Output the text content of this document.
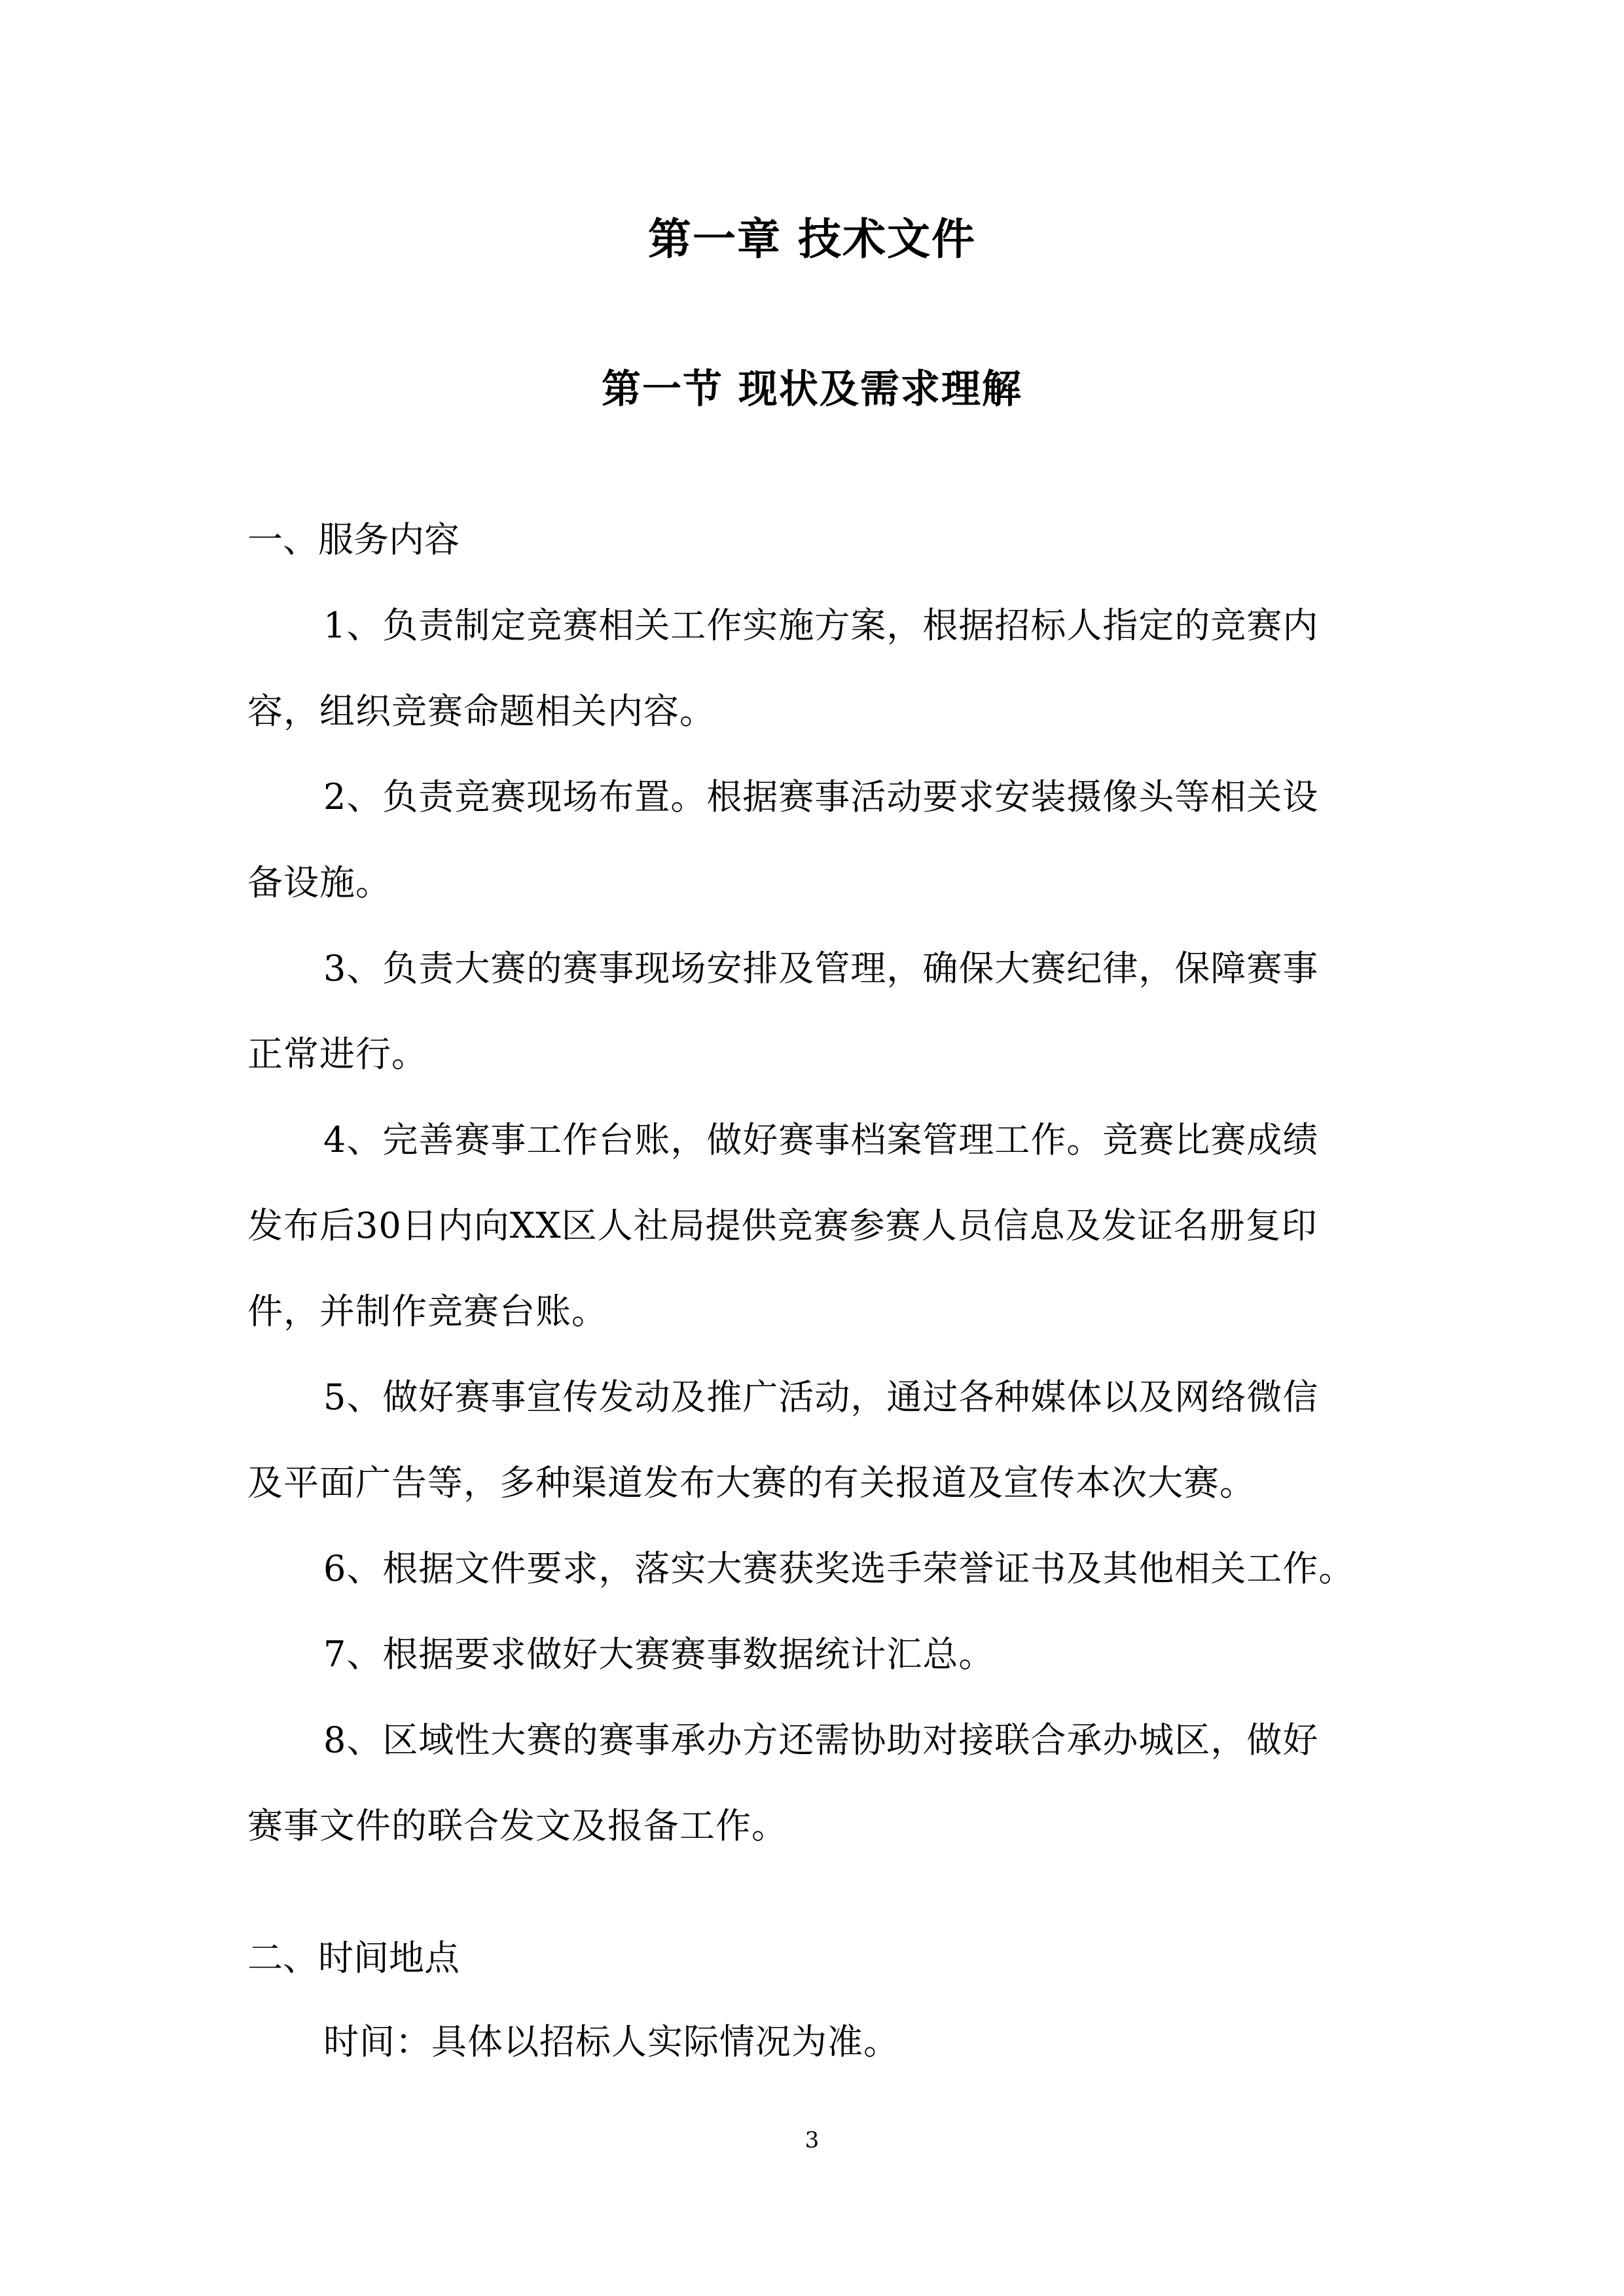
第一章 技术文件
第一节 现状及需求理解
一、服务内容
1、负责制定竞赛相关工作实施方案，根据招标人指定的竞赛内
容，组织竞赛命题相关内容。
2、负责竞赛现场布置。根据赛事活动要求安装摄像头等相关设
备设施。
3、负责大赛的赛事现场安排及管理，确保大赛纪律，保障赛事
正常进行。
4、完善赛事工作台账，做好赛事档案管理工作。竞赛比赛成绩
发布后30日内向XX区人社局提供竞赛参赛人员信息及发证名册复印
件，并制作竞赛台账。
5、做好赛事宣传发动及推广活动，通过各种媒体以及网络微信
及平面广告等，多种渠道发布大赛的有关报道及宣传本次大赛。
6、根据文件要求，落实大赛获奖选手荣誉证书及其他相关工作。
7、根据要求做好大赛赛事数据统计汇总。
8、区域性大赛的赛事承办方还需协助对接联合承办城区，做好
赛事文件的联合发文及报备工作。
二、时间地点
时间：具体以招标人实际情况为准。
3
